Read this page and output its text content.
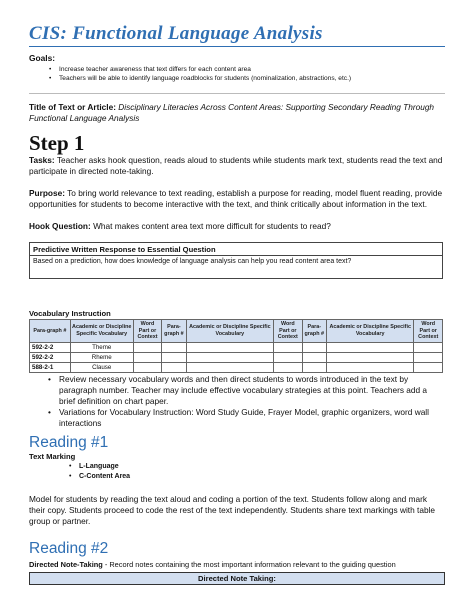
CIS: Functional Language Analysis
Goals:
• Increase teacher awareness that text differs for each content area
• Teachers will be able to identify language roadblocks for students (nominalization, abstractions, etc.)

Title of Text or Article: Disciplinary Literacies Across Content Areas: Supporting Secondary Reading Through Functional Language Analysis

Step 1

Tasks: Teacher asks hook question, reads aloud to students while students mark text, students read the text and participate in directed note-taking.

Purpose: To bring world relevance to text reading, establish a purpose for reading, model fluent reading, provide opportunities for students to become interactive with the text, and think critically about information in the text.

Hook Question: What makes content area text more difficult for students to read?

Predictive Written Response to Essential Question
Based on a prediction, how does knowledge of language analysis can help you read content area text?
Vocabulary Instruction
Para-graph #	Academic or Discipline Specific Vocabulary	Word Part or Context	Para-graph #	Academic or Discipline Specific Vocabulary	Word Part or Context	Para-graph #	Academic or Discipline Specific Vocabulary	Word Part or Context
592-2-2	Theme							
592-2-2	Rheme							
588-2-1	Clause							
• Review necessary vocabulary words and then direct students to words introduced in the text by paragraph number. Teacher may include effective vocabulary strategies at this point. Teachers add a brief definition on chart paper.
• Variations for Vocabulary Instruction: Word Study Guide, Frayer Model, graphic organizers, word wall interactions
Reading #1
Text Marking
• L-Language
• C-Content Area

Model for students by reading the text aloud and coding a portion of the text. Students follow along and mark their copy. Students proceed to code the rest of the text independently. Students share text markings with table group or partner.

Reading #2

Directed Note-Taking - Record notes containing the most important information relevant to the guiding question

Directed Note Taking:
